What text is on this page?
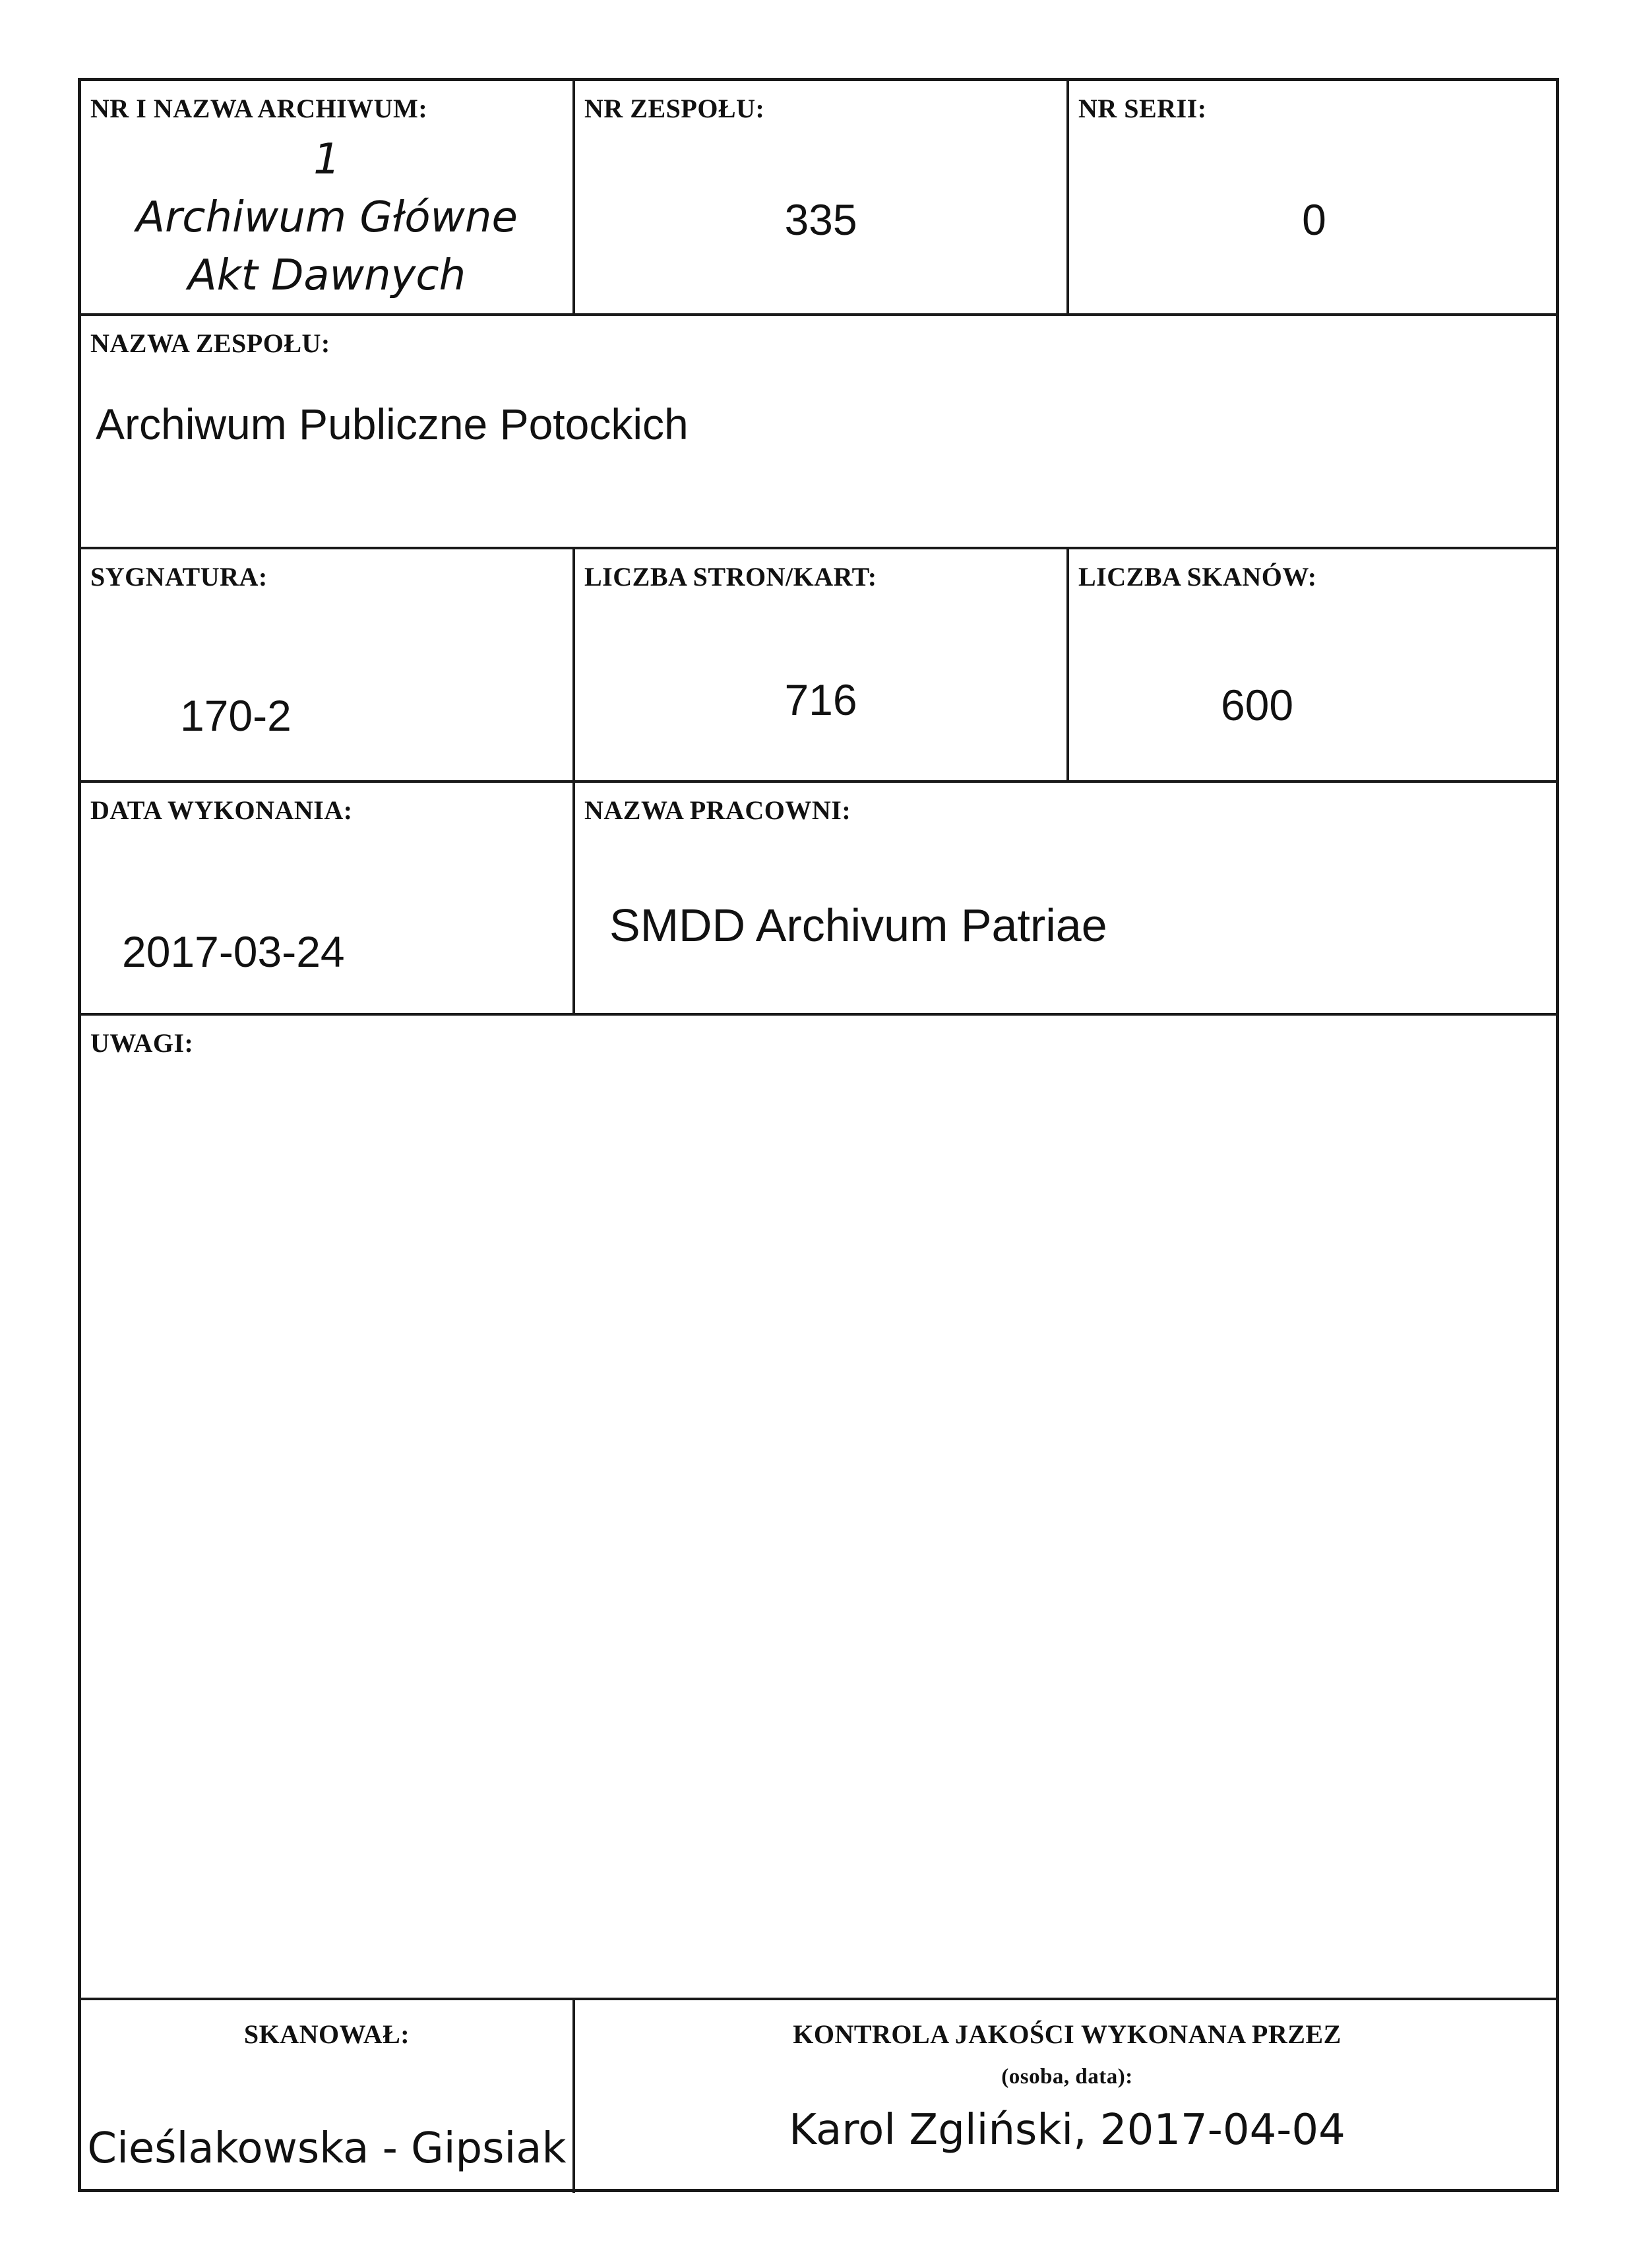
NR I NAZWA ARCHIWUM:
1
Archiwum Główne
Akt Dawnych
NR ZESPOŁU:
335
NR SERII:
0
NAZWA ZESPOŁU:
Archiwum Publiczne Potockich
SYGNATURA:
170-2
LICZBA STRON/KART:
716
LICZBA SKANÓW:
600
DATA WYKONANIA:
2017-03-24
NAZWA PRACOWNI:
SMDD Archivum Patriae
UWAGI:
SKANOWAŁ:
Cieślakowska - Gipsiak
KONTROLA JAKOŚCI WYKONANA PRZEZ
(osoba, data):
Karol Zgliński, 2017-04-04
